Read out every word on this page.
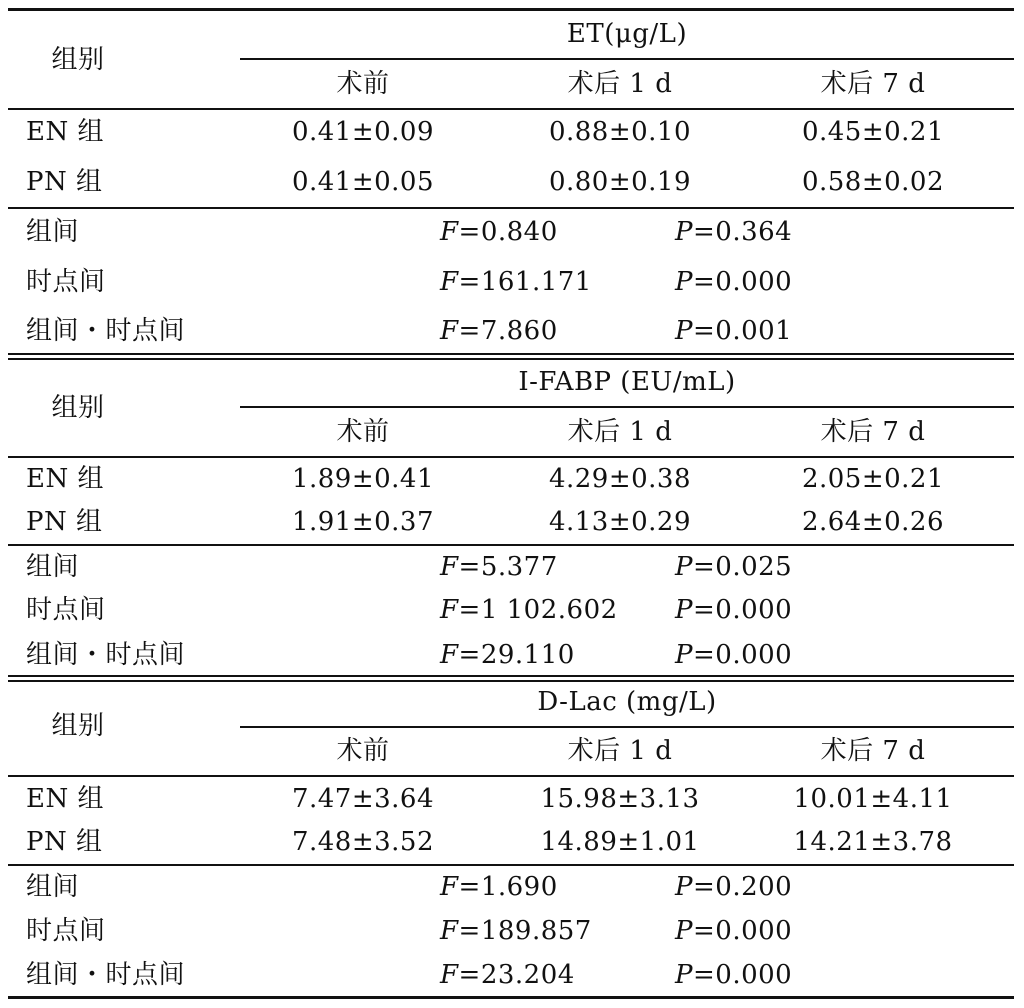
组别
ET(μg/L)
术前	术后 1 d	术后 7 d
EN 组	0.41±0.09	0.88±0.10	0.45±0.21
PN 组	0.41±0.05	0.80±0.19	0.58±0.02
组间	F=0.840	P=0.364
时点间	F=161.171	P=0.000
组间・时点间	F=7.860	P=0.001
组别
I-FABP (EU/mL)
术前	术后 1 d	术后 7 d
EN 组	1.89±0.41	4.29±0.38	2.05±0.21
PN 组	1.91±0.37	4.13±0.29	2.64±0.26
组间	F=5.377	P=0.025
时点间	F=1 102.602 P=0.000
组间・时点间	F=29.110	P=0.000
组别
D-Lac (mg/L)
术前	术后 1 d	术后 7 d
EN 组	7.47±3.64	15.98±3.13	10.01±4.11
PN 组	7.48±3.52	14.89±1.01	14.21±3.78
组间	F=1.690	P=0.200
时点间	F=189.857	P=0.000
组间・时点间	F=23.204	P=0.000
